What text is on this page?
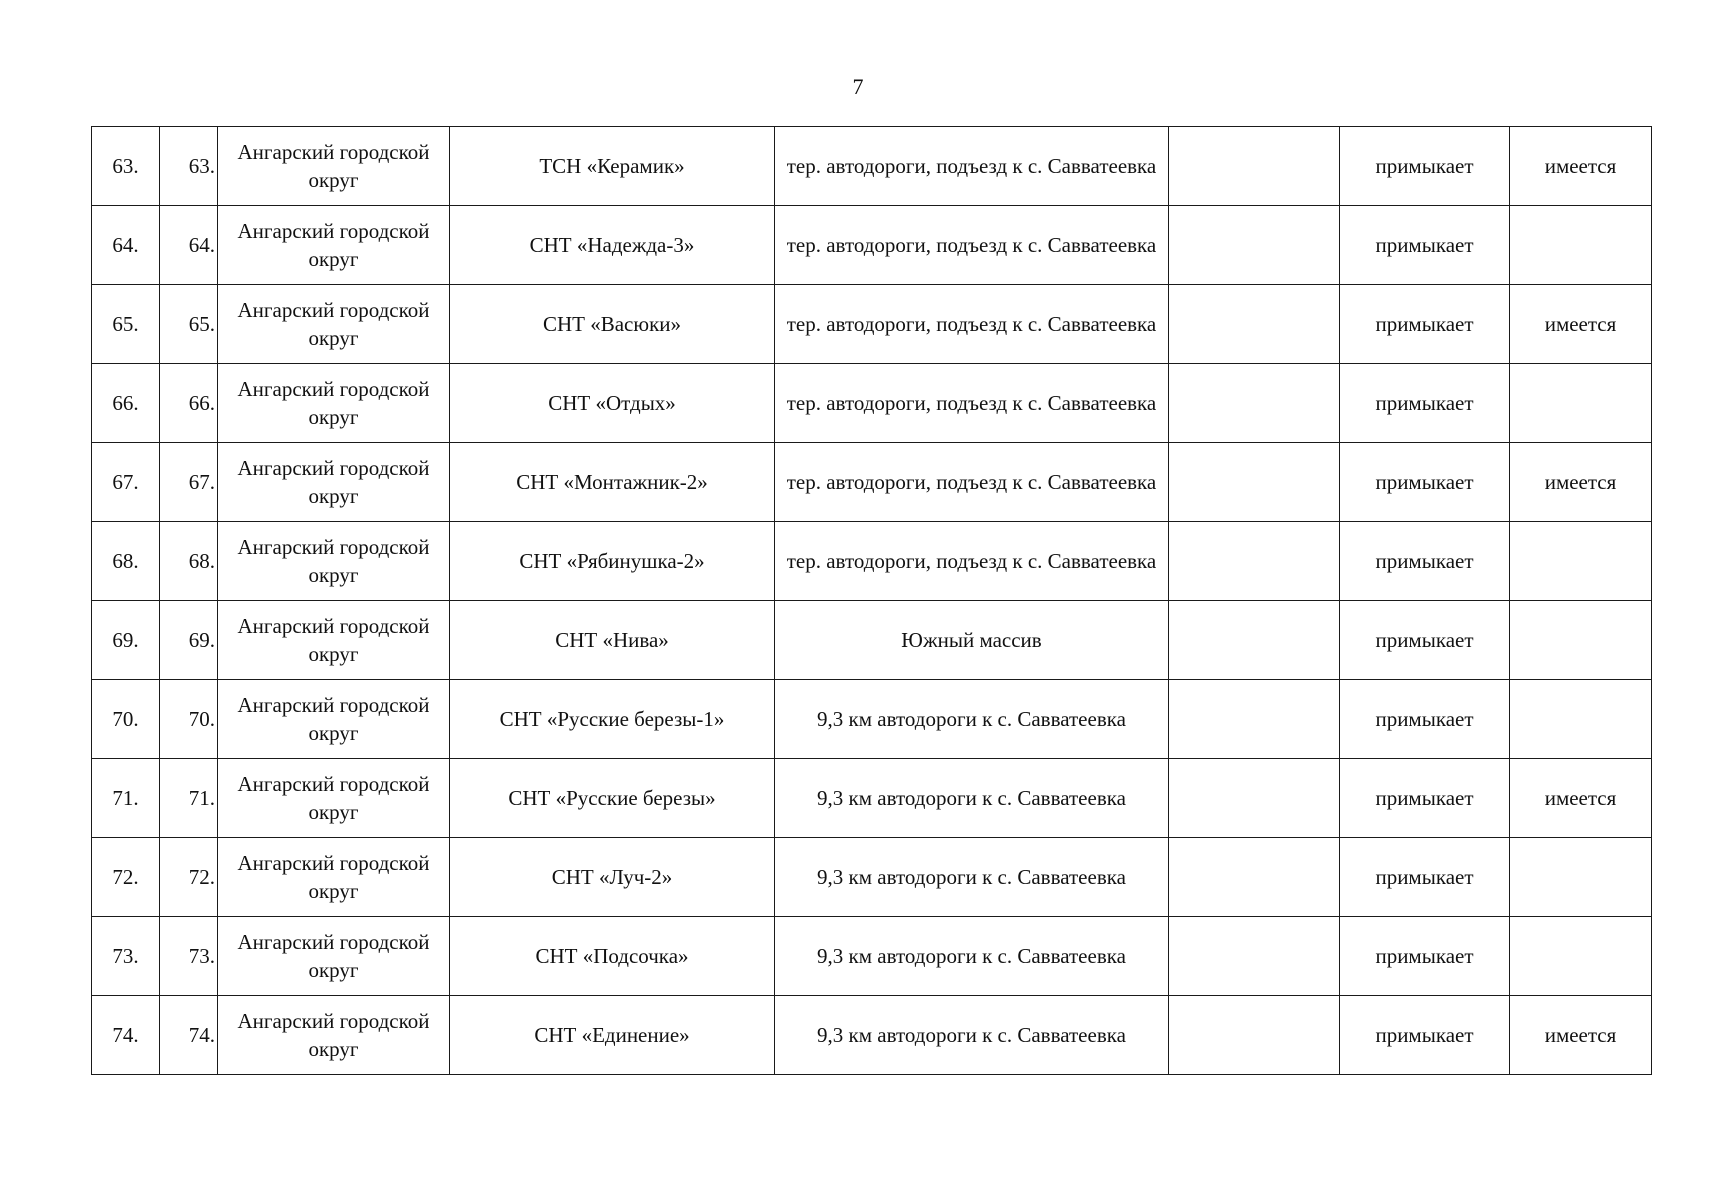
7
63.	63.	Ангарский городской округ	ТСН «Керамик»	тер. автодороги, подъезд к с. Савватеевка		примыкает	имеется
64.	64.	Ангарский городской округ	СНТ «Надежда-3»	тер. автодороги, подъезд к с. Савватеевка		примыкает	
65.	65.	Ангарский городской округ	СНТ «Васюки»	тер. автодороги, подъезд к с. Савватеевка		примыкает	имеется
66.	66.	Ангарский городской округ	СНТ «Отдых»	тер. автодороги, подъезд к с. Савватеевка		примыкает	
67.	67.	Ангарский городской округ	СНТ «Монтажник-2»	тер. автодороги, подъезд к с. Савватеевка		примыкает	имеется
68.	68.	Ангарский городской округ	СНТ «Рябинушка-2»	тер. автодороги, подъезд к с. Савватеевка		примыкает	
69.	69.	Ангарский городской округ	СНТ «Нива»	Южный массив		примыкает	
70.	70.	Ангарский городской округ	СНТ «Русские березы-1»	9,3 км автодороги к с. Савватеевка		примыкает	
71.	71.	Ангарский городской округ	СНТ «Русские березы»	9,3 км автодороги к с. Савватеевка		примыкает	имеется
72.	72.	Ангарский городской округ	СНТ «Луч-2»	9,3 км автодороги к с. Савватеевка		примыкает	
73.	73.	Ангарский городской округ	СНТ «Подсочка»	9,3 км автодороги к с. Савватеевка		примыкает	
74.	74.	Ангарский городской округ	СНТ «Единение»	9,3 км автодороги к с. Савватеевка		примыкает	имеется
